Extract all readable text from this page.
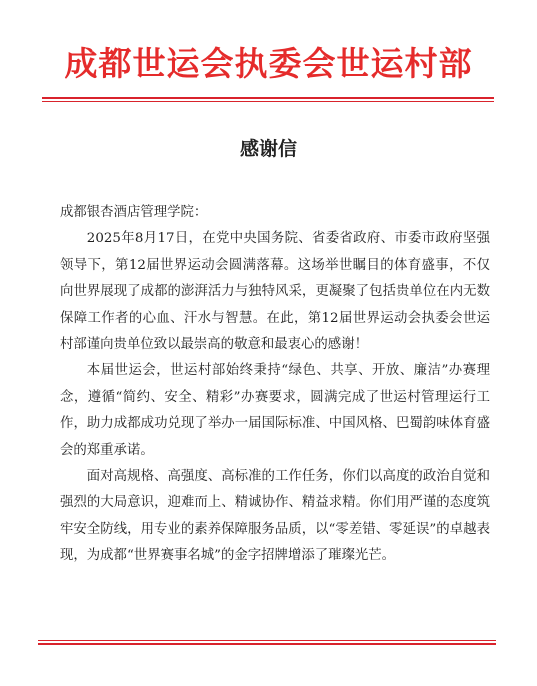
成都世运会执委会世运村部
感谢信

成都银杏酒店管理学院：

2025年8月17日，在党中央国务院、省委省政府、市委市政府坚强领导下，第12届世界运动会圆满落幕。这场举世瞩目的体育盛事，不仅向世界展现了成都的澎湃活力与独特风采，更凝聚了包括贵单位在内无数保障工作者的心血、汗水与智慧。在此，第12届世界运动会执委会世运村部谨向贵单位致以最崇高的敬意和最衷心的感谢！

本届世运会，世运村部始终秉持“绿色、共享、开放、廉洁”办赛理念，遵循“简约、安全、精彩”办赛要求，圆满完成了世运村管理运行工作，助力成都成功兑现了举办一届国际标准、中国风格、巴蜀韵味体育盛会的郑重承诺。

面对高规格、高强度、高标准的工作任务，你们以高度的政治自觉和强烈的大局意识，迎难而上、精诚协作、精益求精。你们用严谨的态度筑牢安全防线，用专业的素养保障服务品质，以“零差错、零延误”的卓越表现，为成都“世界赛事名城”的金字招牌增添了璀璨光芒。
